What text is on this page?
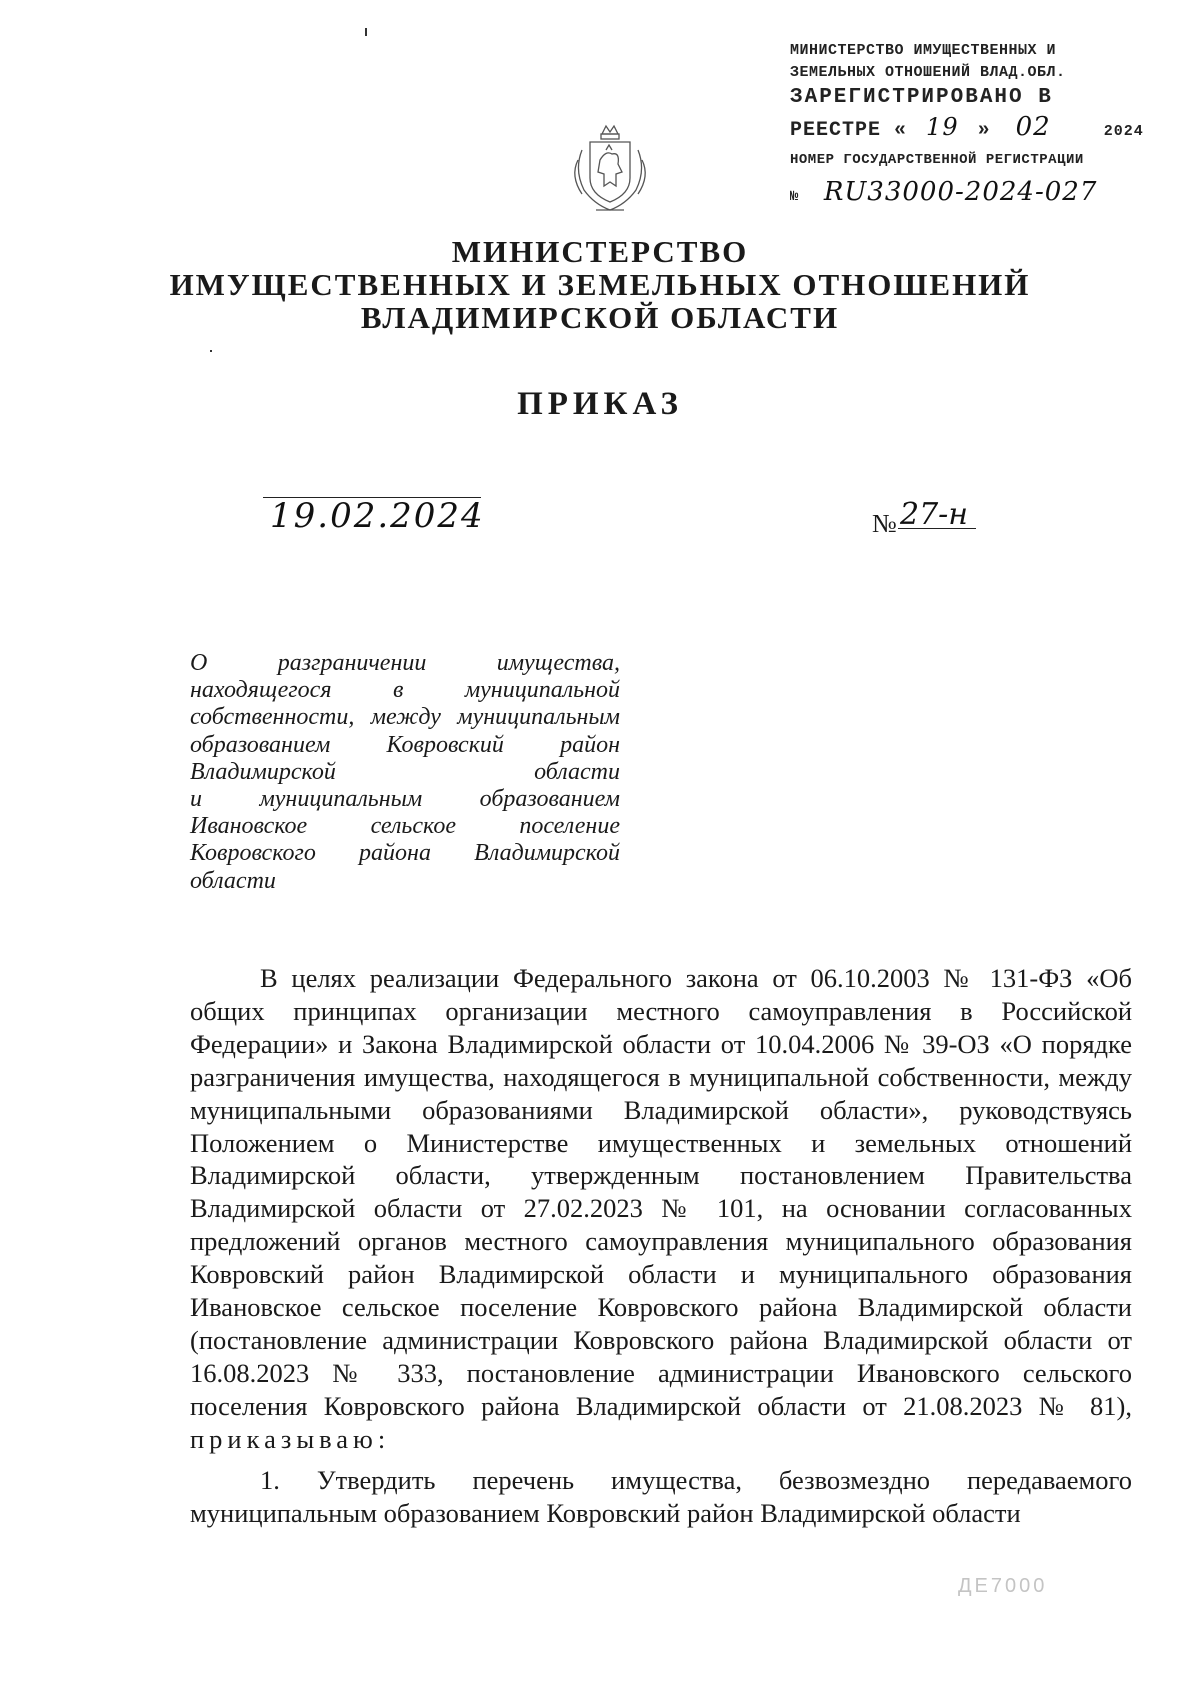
МИНИСТЕРСТВО ИМУЩЕСТВЕННЫХ И
ЗЕМЕЛЬНЫХ ОТНОШЕНИЙ ВЛАД.ОБЛ.
ЗАРЕГИСТРИРОВАНО В
РЕЕСТРЕ « 19 » 02	2024
НОМЕР ГОСУДАРСТВЕННОЙ РЕГИСТРАЦИИ
№ RU33000-2024-027
МИНИСТЕРСТВО
ИМУЩЕСТВЕННЫХ И ЗЕМЕЛЬНЫХ ОТНОШЕНИЙ
ВЛАДИМИРСКОЙ ОБЛАСТИ
ПРИКАЗ
19.02.2024	№ 27-н
О разграничении имущества,
находящегося в муниципальной
собственности, между муниципальным
образованием Ковровский район
Владимирской области
и муниципальным образованием
Ивановское сельское поселение
Ковровского района Владимирской
области

В целях реализации Федерального закона от 06.10.2003 № 131-ФЗ «Об общих принципах организации местного самоуправления в Российской Федерации» и Закона Владимирской области от 10.04.2006 № 39-ОЗ «О порядке разграничения имущества, находящегося в муниципальной собственности, между муниципальными образованиями Владимирской области», руководствуясь Положением о Министерстве имущественных и земельных отношений Владимирской области, утвержденным постановлением Правительства Владимирской области от 27.02.2023 № 101, на основании согласованных предложений органов местного самоуправления муниципального образования Ковровский район Владимирской области и муниципального образования Ивановское сельское поселение Ковровского района Владимирской области (постановление администрации Ковровского района Владимирской области от 16.08.2023 № 333, постановление администрации Ивановского сельского поселения Ковровского района Владимирской области от 21.08.2023 № 81), приказываю:

1. Утвердить перечень имущества, безвозмездно передаваемого муниципальным образованием Ковровский район Владимирской области

ДЕ7000
